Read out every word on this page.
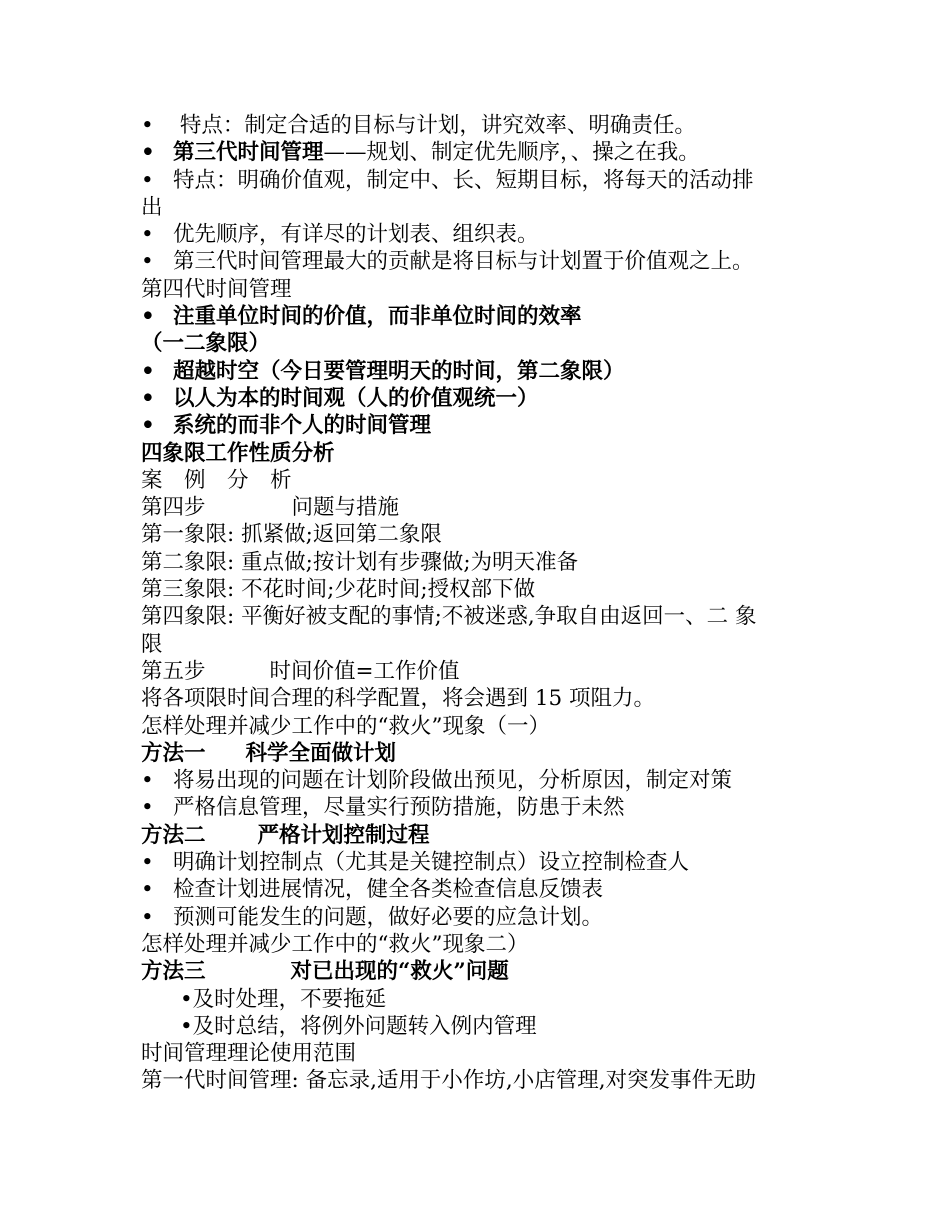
• 特点：制定合适的目标与计划，讲究效率、明确责任。
• 第三代时间管理——规划、制定优先顺序，、操之在我。
• 特点：明确价值观，制定中、长、短期目标，将每天的活动排
出
• 优先顺序，有详尽的计划表、组织表。
• 第三代时间管理最大的贡献是将目标与计划置于价值观之上。
第四代时间管理
• 注重单位时间的价值，而非单位时间的效率
（一二象限）
• 超越时空（今日要管理明天的时间，第二象限）
• 以人为本的时间观（人的价值观统一）
• 系统的而非个人的时间管理
四象限工作性质分析
案　例　分　析
第四步	问题与措施
第一象限: 抓紧做;返回第二象限
第二象限: 重点做;按计划有步骤做;为明天准备
第三象限: 不花时间;少花时间;授权部下做
第四象限: 平衡好被支配的事情;不被迷惑,争取自由返回一、二 象
限
第五步	时间价值=工作价值
将各项限时间合理的科学配置，将会遇到 15 项阻力。
怎样处理并减少工作中的“救火”现象（一）
方法一 科学全面做计划
• 将易出现的问题在计划阶段做出预见，分析原因，制定对策
• 严格信息管理，尽量实行预防措施，防患于未然
方法二 严格计划控制过程
• 明确计划控制点（尤其是关键控制点）设立控制检查人
• 检查计划进展情况，健全各类检查信息反馈表
• 预测可能发生的问题，做好必要的应急计划。
怎样处理并减少工作中的“救火”现象二）
方法三	对已出现的“救火”问题
•及时处理，不要拖延
•及时总结，将例外问题转入例内管理
时间管理理论使用范围
第一代时间管理: 备忘录,适用于小作坊,小店管理,对突发事件无助
